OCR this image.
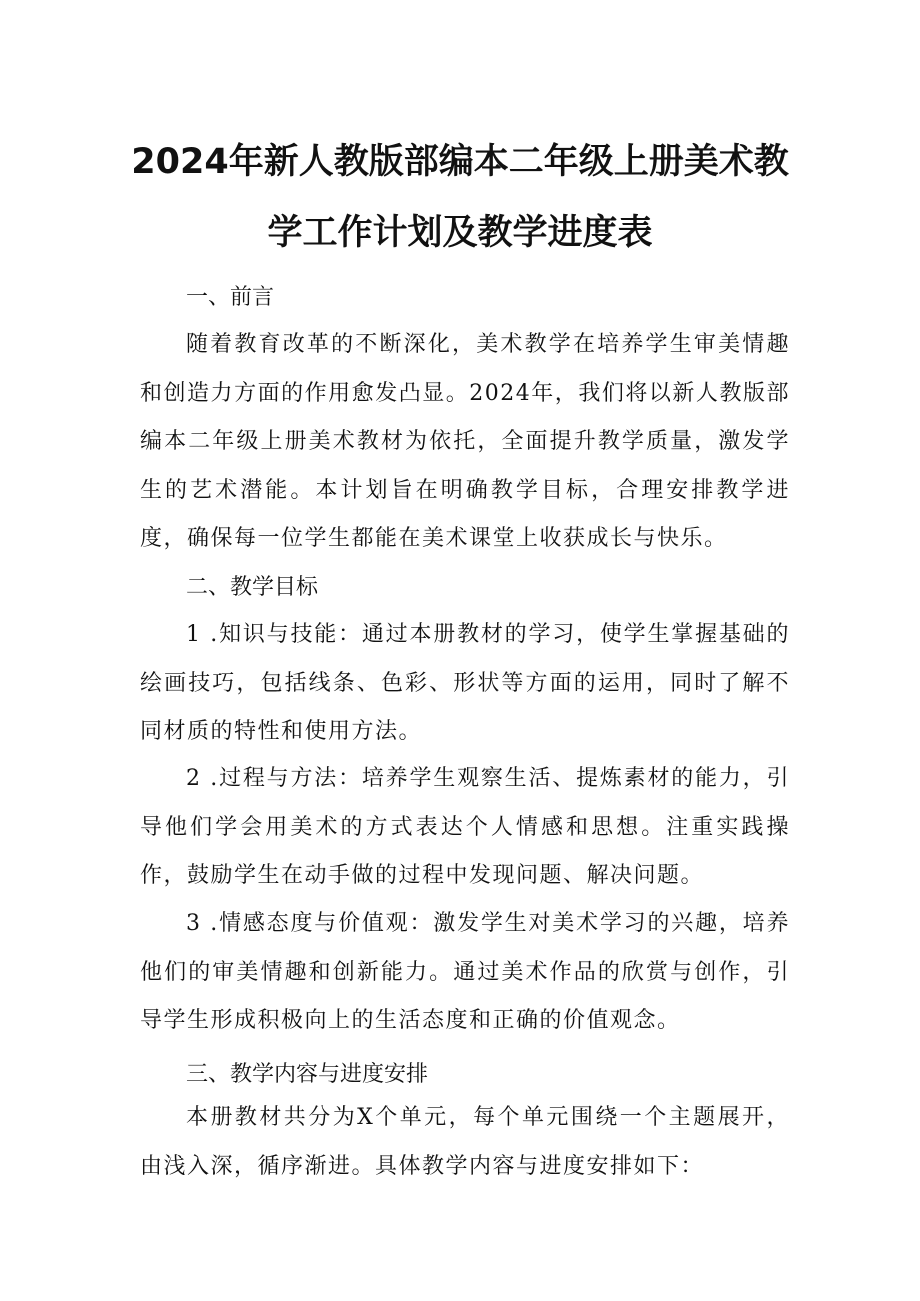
2024年新人教版部编本二年级上册美术教
学工作计划及教学进度表

一、前言

随着教育改革的不断深化，美术教学在培养学生审美情趣和创造力方面的作用愈发凸显。2024年，我们将以新人教版部编本二年级上册美术教材为依托，全面提升教学质量，激发学生的艺术潜能。本计划旨在明确教学目标，合理安排教学进度，确保每一位学生都能在美术课堂上收获成长与快乐。

二、教学目标

1 .知识与技能：通过本册教材的学习，使学生掌握基础的绘画技巧，包括线条、色彩、形状等方面的运用，同时了解不同材质的特性和使用方法。

2 .过程与方法：培养学生观察生活、提炼素材的能力，引导他们学会用美术的方式表达个人情感和思想。注重实践操作，鼓励学生在动手做的过程中发现问题、解决问题。

3 .情感态度与价值观：激发学生对美术学习的兴趣，培养他们的审美情趣和创新能力。通过美术作品的欣赏与创作，引导学生形成积极向上的生活态度和正确的价值观念。

三、教学内容与进度安排

本册教材共分为X个单元，每个单元围绕一个主题展开，由浅入深，循序渐进。具体教学内容与进度安排如下：
